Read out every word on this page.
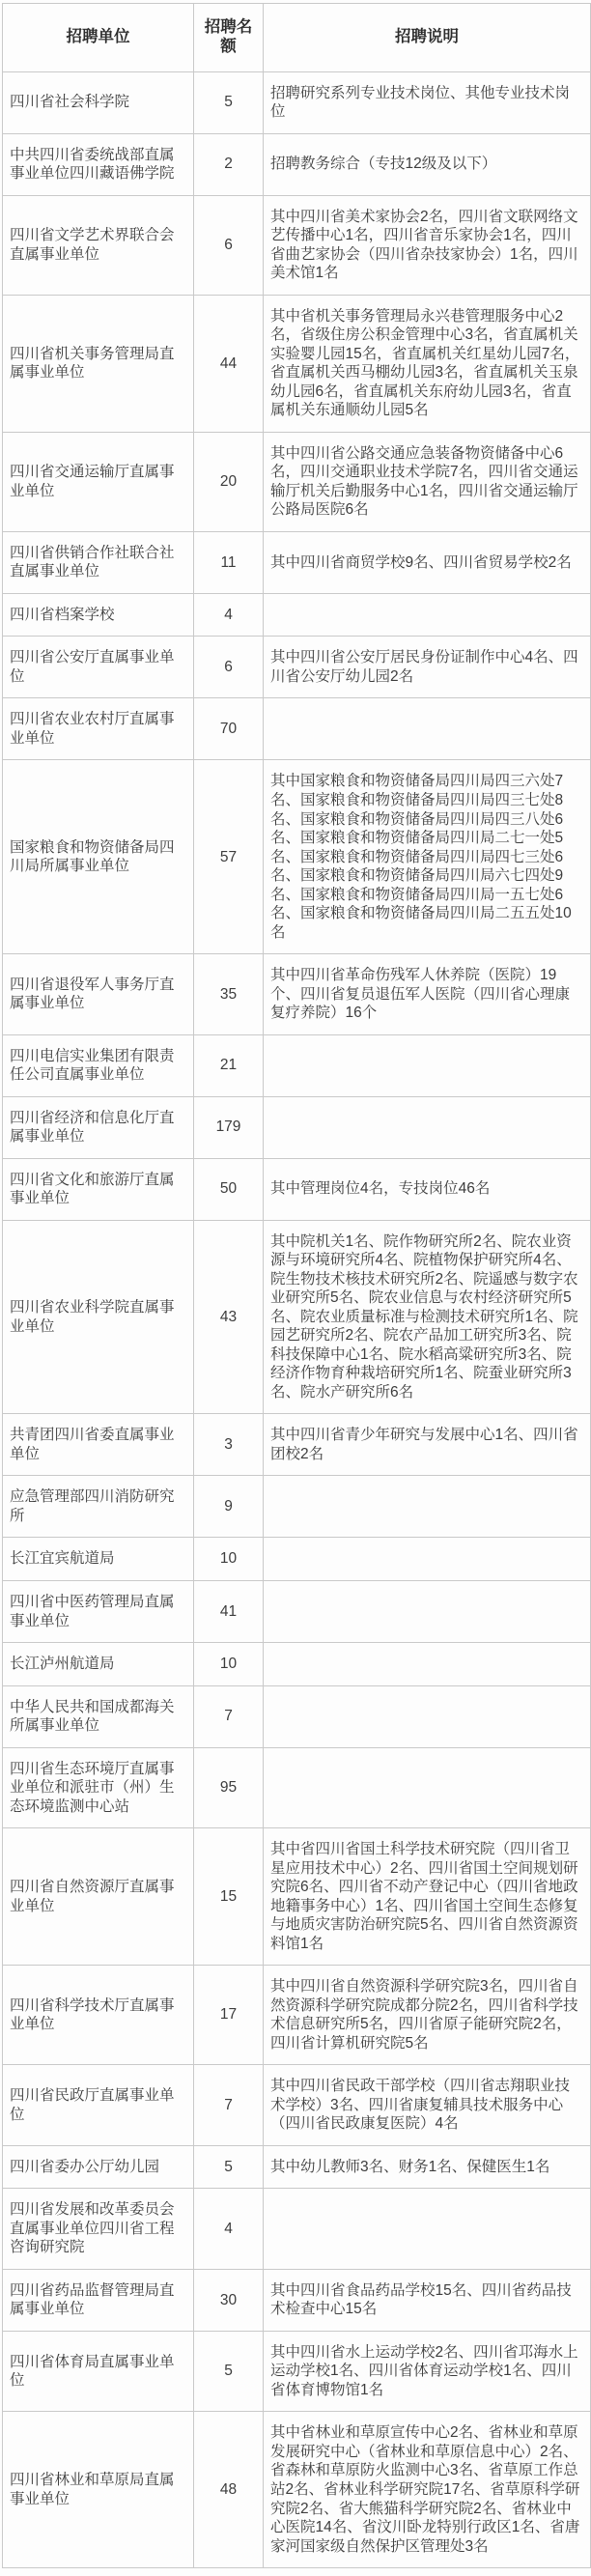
招聘单位	招聘名额	招聘说明
四川省社会科学院	5	招聘研究系列专业技术岗位、其他专业技术岗位
中共四川省委统战部直属事业单位四川藏语佛学院	2	招聘教务综合（专技12级及以下）
四川省文学艺术界联合会直属事业单位	6	其中四川省美术家协会2名，四川省文联网络文艺传播中心1名，四川省音乐家协会1名，四川省曲艺家协会（四川省杂技家协会）1名，四川美术馆1名
四川省机关事务管理局直属事业单位	44	其中省机关事务管理局永兴巷管理服务中心2名，省级住房公积金管理中心3名，省直属机关实验婴儿园15名，省直属机关红星幼儿园7名，省直属机关西马棚幼儿园3名，省直属机关玉泉幼儿园6名，省直属机关东府幼儿园3名，省直属机关东通顺幼儿园5名
四川省交通运输厅直属事业单位	20	其中四川省公路交通应急装备物资储备中心6名，四川交通职业技术学院7名，四川省交通运输厅机关后勤服务中心1名，四川省交通运输厅公路局医院6名
四川省供销合作社联合社直属事业单位	11	其中四川省商贸学校9名、四川省贸易学校2名
四川省档案学校	4	
四川省公安厅直属事业单位	6	其中四川省公安厅居民身份证制作中心4名、四川省公安厅幼儿园2名
四川省农业农村厅直属事业单位	70	
国家粮食和物资储备局四川局所属事业单位	57	其中国家粮食和物资储备局四川局四三六处7名、国家粮食和物资储备局四川局四三七处8名、国家粮食和物资储备局四川局四三八处6名、国家粮食和物资储备局四川局二七一处5名、国家粮食和物资储备局四川局四七三处6名、国家粮食和物资储备局四川局六七四处9名、国家粮食和物资储备局四川局一五七处6名、国家粮食和物资储备局四川局二五五处10名
四川省退役军人事务厅直属事业单位	35	其中四川省革命伤残军人休养院（医院）19个、四川省复员退伍军人医院（四川省心理康复疗养院）16个
四川电信实业集团有限责任公司直属事业单位	21	
四川省经济和信息化厅直属事业单位	179	
四川省文化和旅游厅直属事业单位	50	其中管理岗位4名，专技岗位46名
四川省农业科学院直属事业单位	43	其中院机关1名、院作物研究所2名、院农业资源与环境研究所4名、院植物保护研究所4名、院生物技术核技术研究所2名、院遥感与数字农业研究所5名、院农业信息与农村经济研究所5名、院农业质量标准与检测技术研究所1名、院园艺研究所2名、院农产品加工研究所3名、院科技保障中心1名、院水稻高粱研究所3名、院经济作物育种栽培研究所1名、院蚕业研究所3名、院水产研究所6名
共青团四川省委直属事业单位	3	其中四川省青少年研究与发展中心1名、四川省团校2名
应急管理部四川消防研究所	9	
长江宜宾航道局	10	
四川省中医药管理局直属事业单位	41	
长江泸州航道局	10	
中华人民共和国成都海关所属事业单位	7	
四川省生态环境厅直属事业单位和派驻市（州）生态环境监测中心站	95	
四川省自然资源厅直属事业单位	15	其中省四川省国土科学技术研究院（四川省卫星应用技术中心）2名、四川省国土空间规划研究院6名、四川省不动产登记中心（四川省地政地籍事务中心）1名、四川省国土空间生态修复与地质灾害防治研究院5名、四川省自然资源资料馆1名
四川省科学技术厅直属事业单位	17	其中四川省自然资源科学研究院3名，四川省自然资源科学研究院成都分院2名，四川省科学技术信息研究所5名，四川省原子能研究院2名，四川省计算机研究院5名
四川省民政厅直属事业单位	7	其中四川省民政干部学校（四川省志翔职业技术学校）3名、四川省康复辅具技术服务中心（四川省民政康复医院）4名
四川省委办公厅幼儿园	5	其中幼儿教师3名、财务1名、保健医生1名
四川省发展和改革委员会直属事业单位四川省工程咨询研究院	4	
四川省药品监督管理局直属事业单位	30	其中四川省食品药品学校15名、四川省药品技术检查中心15名
四川省体育局直属事业单位	5	其中四川省水上运动学校2名、四川省邛海水上运动学校1名、四川省体育运动学校1名、四川省体育博物馆1名
四川省林业和草原局直属事业单位	48	其中省林业和草原宣传中心2名、省林业和草原发展研究中心（省林业和草原信息中心）2名、省森林和草原防火监测中心3名、省草原工作总站2名、省林业科学研究院17名、省草原科学研究院2名、省大熊猫科学研究院2名、省林业中心医院14名、省汶川卧龙特别行政区1名、省唐家河国家级自然保护区管理处3名
